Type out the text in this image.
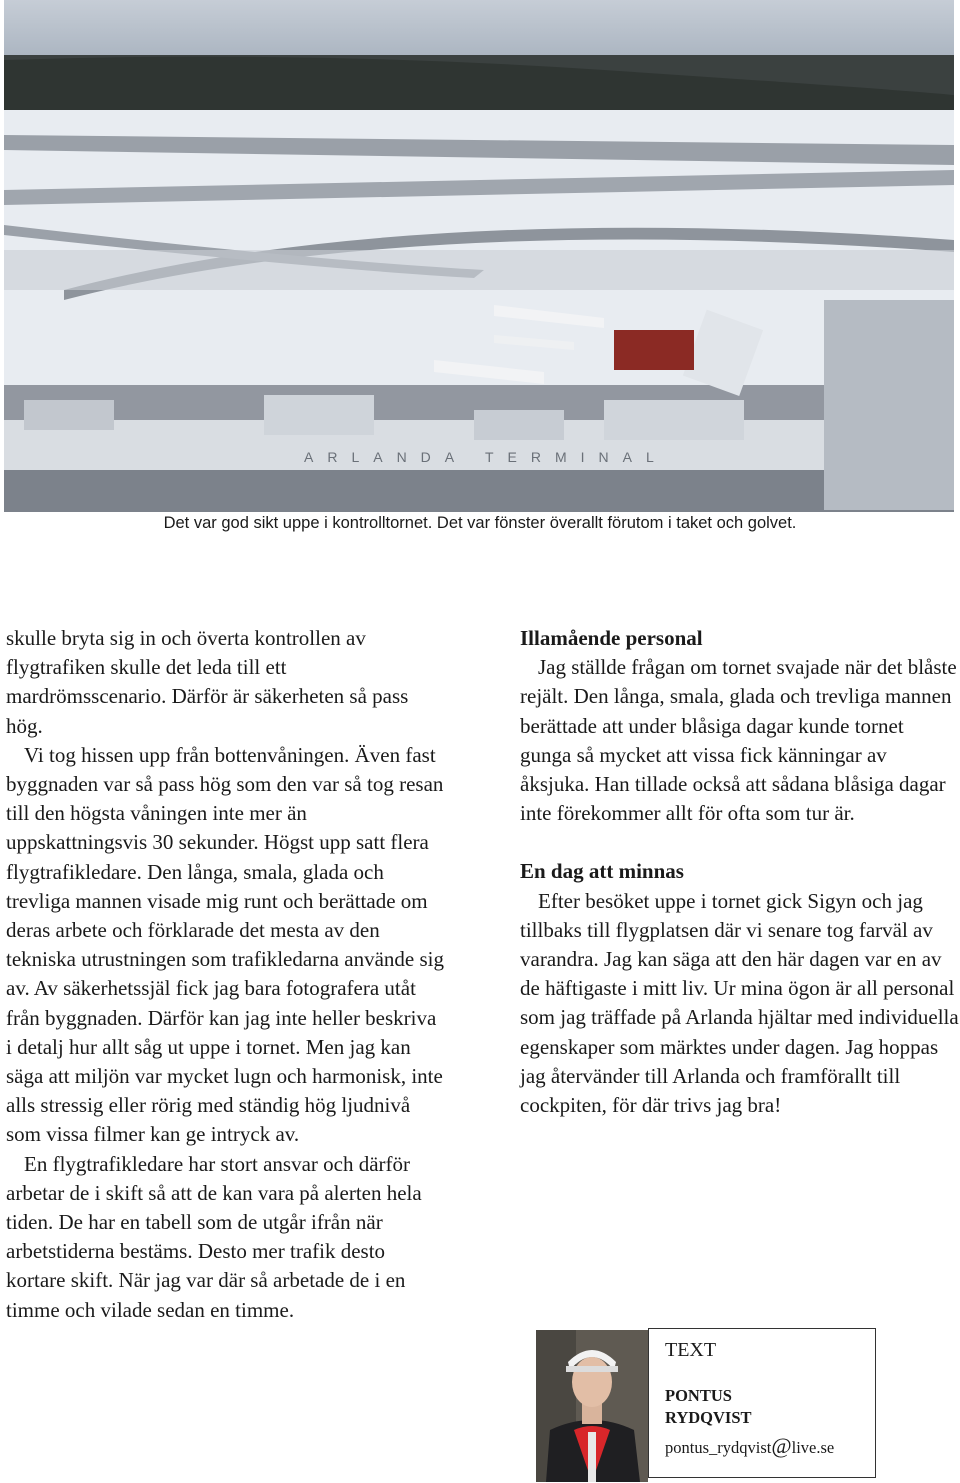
ARLANDA TERMINAL
Det var god sikt uppe i kontrolltornet. Det var fönster överallt förutom i taket och golvet.

skulle bryta sig in och överta kontrollen av flygtrafiken skulle det leda till ett mardrömsscenario. Därför är säkerheten så pass hög.

Vi tog hissen upp från bottenvåningen. Även fast byggnaden var så pass hög som den var så tog resan till den högsta våningen inte mer än uppskattningsvis 30 sekunder. Högst upp satt flera flygtrafikledare. Den långa, smala, glada och trevliga mannen visade mig runt och berättade om deras arbete och förklarade det mesta av den tekniska utrustningen som trafikledarna använde sig av. Av säkerhetssjäl fick jag bara fotografera utåt från byggnaden. Därför kan jag inte heller beskriva i detalj hur allt såg ut uppe i tornet. Men jag kan säga att miljön var mycket lugn och harmonisk, inte alls stressig eller rörig med ständig hög ljudnivå som vissa filmer kan ge intryck av.

En flygtrafikledare har stort ansvar och därför arbetar de i skift så att de kan vara på alerten hela tiden. De har en tabell som de utgår ifrån när arbetstiderna bestäms. Desto mer trafik desto kortare skift. När jag var där så arbetade de i en timme och vilade sedan en timme.

Illamående personal

Jag ställde frågan om tornet svajade när det blåste rejält. Den långa, smala, glada och trevliga mannen berättade att under blåsiga dagar kunde tornet gunga så mycket att vissa fick känningar av åksjuka. Han tillade också att sådana blåsiga dagar inte förekommer allt för ofta som tur är.

En dag att minnas

Efter besöket uppe i tornet gick Sigyn och jag tillbaks till flygplatsen där vi senare tog farväl av varandra. Jag kan säga att den här dagen var en av de häftigaste i mitt liv. Ur mina ögon är all personal som jag träffade på Arlanda hjältar med individuella egenskaper som märktes under dagen. Jag hoppas jag återvänder till Arlanda och framförallt till cockpiten, för där trivs jag bra!

TEXT
PONTUS
RYDQVIST
pontus_rydqvist@live.se
